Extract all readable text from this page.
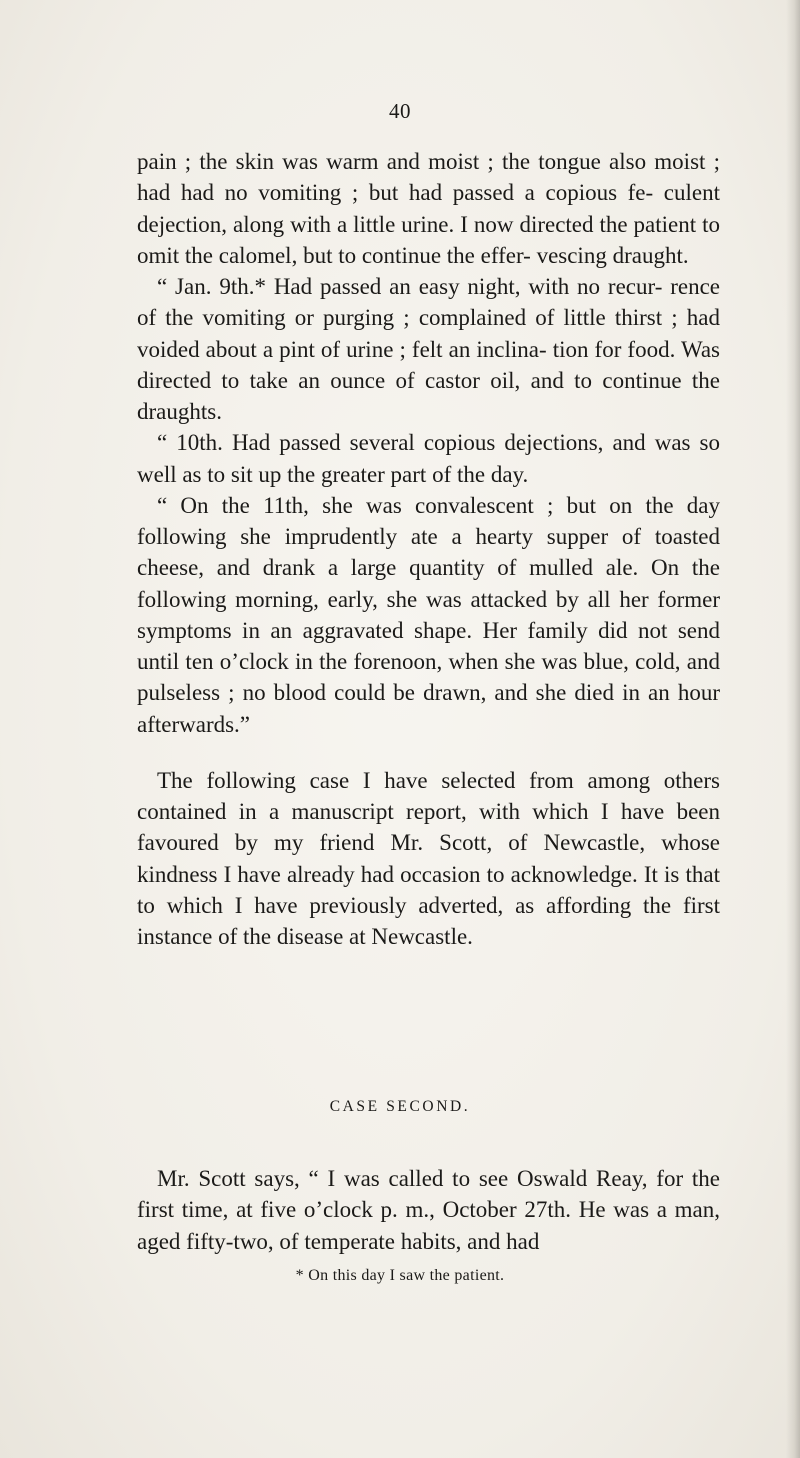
40

pain ; the skin was warm and moist ; the tongue also moist ; had had no vomiting ; but had passed a copious fe- culent dejection, along with a little urine. I now directed the patient to omit the calomel, but to continue the effer- vescing draught.

“ Jan. 9th.* Had passed an easy night, with no recur- rence of the vomiting or purging ; complained of little thirst ; had voided about a pint of urine ; felt an inclina- tion for food. Was directed to take an ounce of castor oil, and to continue the draughts.

“ 10th. Had passed several copious dejections, and was so well as to sit up the greater part of the day.

“ On the 11th, she was convalescent ; but on the day following she imprudently ate a hearty supper of toasted cheese, and drank a large quantity of mulled ale. On the following morning, early, she was attacked by all her former symptoms in an aggravated shape. Her family did not send until ten o’clock in the forenoon, when she was blue, cold, and pulseless ; no blood could be drawn, and she died in an hour afterwards.”

The following case I have selected from among others contained in a manuscript report, with which I have been favoured by my friend Mr. Scott, of Newcastle, whose kindness I have already had occasion to acknowledge. It is that to which I have previously adverted, as affording the first instance of the disease at Newcastle.

CASE SECOND.

Mr. Scott says, “ I was called to see Oswald Reay, for the first time, at five o’clock p. m., October 27th. He was a man, aged fifty-two, of temperate habits, and had

* On this day I saw the patient.
